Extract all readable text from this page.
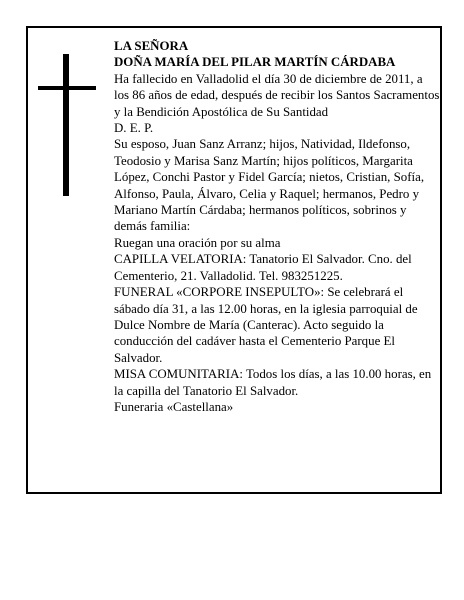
LA SEÑORA

DOÑA MARÍA DEL PILAR MARTÍN CÁRDABA

Ha fallecido en Valladolid el día 30 de diciembre de 2011, a los 86 años de edad, después de recibir los Santos Sacramentos y la Bendición Apostólica de Su Santidad

D. E. P.

Su esposo, Juan Sanz Arranz; hijos, Natividad, Ildefonso, Teodosio y Marisa Sanz Martín; hijos políticos, Margarita López, Conchi Pastor y Fidel García; nietos, Cristian, Sofía, Alfonso, Paula, Álvaro, Celia y Raquel; hermanos, Pedro y Mariano Martín Cárdaba; hermanos políticos, sobrinos y demás familia:

Ruegan una oración por su alma

CAPILLA VELATORIA: Tanatorio El Salvador. Cno. del Cementerio, 21. Valladolid. Tel. 983251225.

FUNERAL «CORPORE INSEPULTO»: Se celebrará el sábado día 31, a las 12.00 horas, en la iglesia parroquial de Dulce Nombre de María (Canterac). Acto seguido la conducción del cadáver hasta el Cementerio Parque El Salvador.

MISA COMUNITARIA: Todos los días, a las 10.00 horas, en la capilla del Tanatorio El Salvador.

Funeraria «Castellana»
